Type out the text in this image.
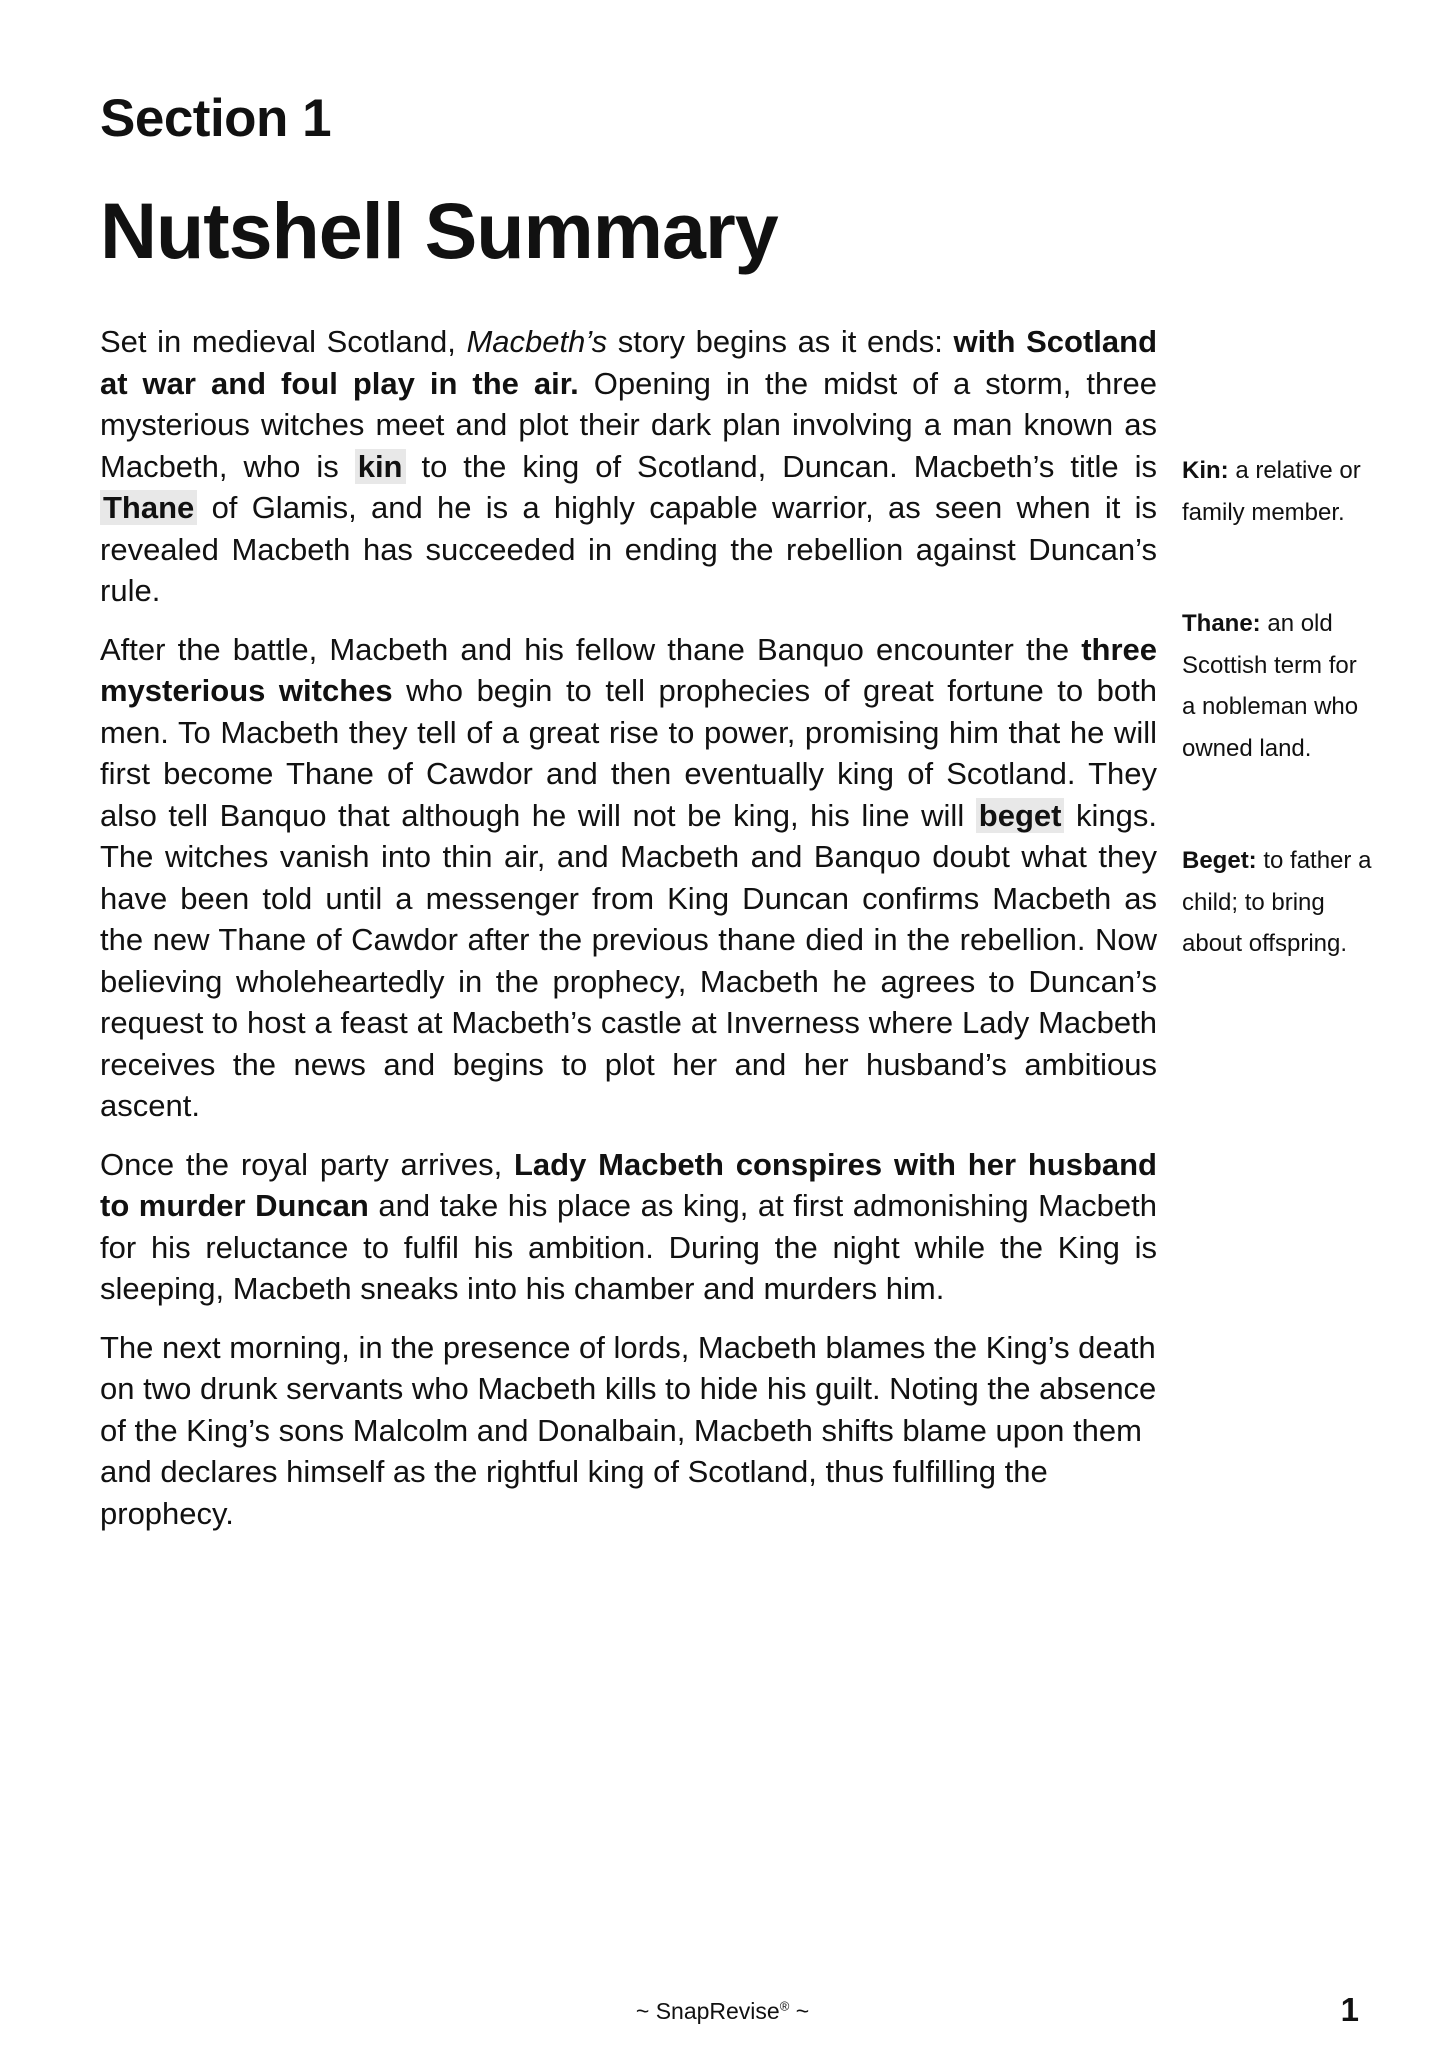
Section 1
Nutshell Summary

Set in medieval Scotland, Macbeth’s story begins as it ends: with Scotland at war and foul play in the air. Opening in the midst of a storm, three mysterious witches meet and plot their dark plan involving a man known as Macbeth, who is kin to the king of Scotland, Duncan. Macbeth’s title is Thane of Glamis, and he is a highly capable warrior, as seen when it is revealed Macbeth has succeeded in ending the rebellion against Duncan’s rule.

After the battle, Macbeth and his fellow thane Banquo encounter the three mysterious witches who begin to tell prophecies of great fortune to both men. To Macbeth they tell of a great rise to power, promising him that he will first become Thane of Cawdor and then eventually king of Scotland. They also tell Banquo that although he will not be king, his line will beget kings. The witches vanish into thin air, and Macbeth and Banquo doubt what they have been told until a messenger from King Duncan confirms Macbeth as the new Thane of Cawdor after the previous thane died in the rebellion. Now believing wholeheartedly in the prophecy, Macbeth he agrees to Duncan’s request to host a feast at Macbeth’s castle at Inverness where Lady Macbeth receives the news and begins to plot her and her husband’s ambitious ascent.

Once the royal party arrives, Lady Macbeth conspires with her husband to murder Duncan and take his place as king, at first admonishing Macbeth for his reluctance to fulfil his ambition. During the night while the King is sleeping, Macbeth sneaks into his chamber and murders him.

The next morning, in the presence of lords, Macbeth blames the King’s death on two drunk servants who Macbeth kills to hide his guilt. Noting the absence of the King’s sons Malcolm and Donalbain, Macbeth shifts blame upon them and declares himself as the rightful king of Scotland, thus fulfilling the prophecy.

Kin: a relative or family member.

Thane: an old Scottish term for a nobleman who owned land.

Beget: to father a child; to bring about offspring.

~ SnapRevise® ~	1
